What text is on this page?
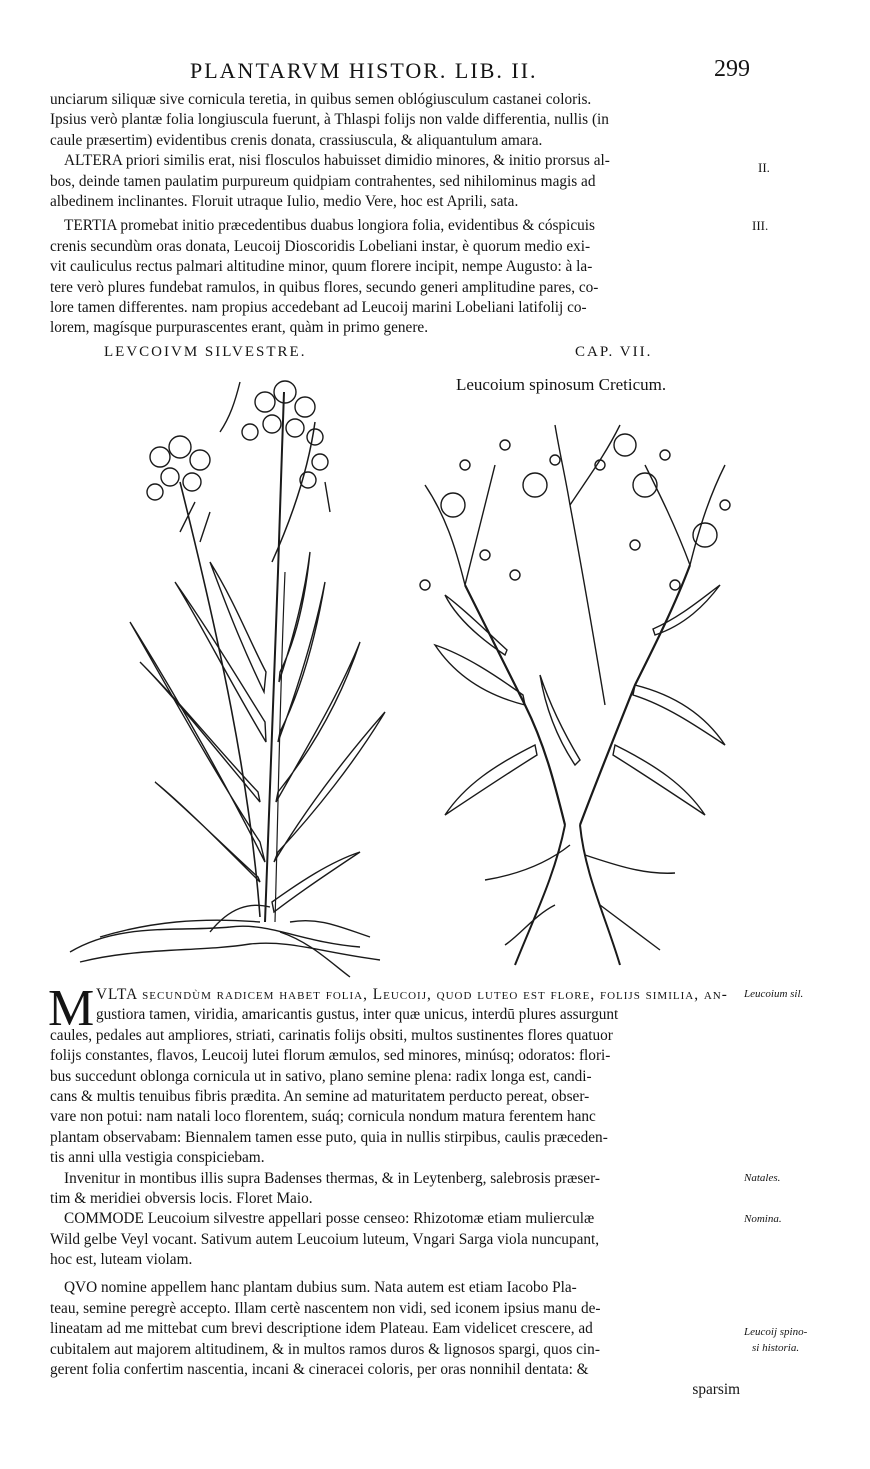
PLANTARVM HISTOR. LIB. II.	299
unciarum siliquæ sive cornicula teretia, in quibus semen oblógiusculum castanei coloris.
Ipsius verò plantæ folia longiuscula fuerunt, à Thlaspi folijs non valde differentia, nullis (in
caule præsertim) evidentibus crenis donata, crassiuscula, & aliquantulum amara.
ALTERA priori similis erat, nisi flosculos habuisset dimidio minores, & initio prorsus al-
bos, deinde tamen paulatim purpureum quidpiam contrahentes, sed nihilominus magis ad
albedinem inclinantes. Floruit utraque Iulio, medio Vere, hoc est Aprili, sata.
TERTIA promebat initio præcedentibus duabus longiora folia, evidentibus & cóspicuis
crenis secundùm oras donata, Leucoij Dioscoridis Lobeliani instar, è quorum medio exi-
vit cauliculus rectus palmari altitudine minor, quum florere incipit, nempe Augusto: à la-
tere verò plures fundebat ramulos, in quibus flores, secundo generi amplitudine pares, co-
lore tamen differentes. nam propius accedebant ad Leucoij marini Lobeliani latifolij co-
lorem, magísque purpurascentes erant, quàm in primo genere.
II.
III.
LEVCOIVM SILVESTRE.	CAP. VII.
Leucoium spinosum Creticum.
M VLTA secundùm radicem habet folia, Leucoij, quod luteo est flore, folijs similia, an-
gustiora tamen, viridia, amaricantis gustus, inter quæ unicus, interdū plures assurgunt
caules, pedales aut ampliores, striati, carinatis folijs obsiti, multos sustinentes flores quatuor
folijs constantes, flavos, Leucoij lutei florum æmulos, sed minores, minúsq; odoratos: flori-
bus succedunt oblonga cornicula ut in sativo, plano semine plena: radix longa est, candi-
cans & multis tenuibus fibris prædita. An semine ad maturitatem perducto pereat, obser-
vare non potui: nam natali loco florentem, suáq; cornicula nondum matura ferentem hanc
plantam observabam: Biennalem tamen esse puto, quia in nullis stirpibus, caulis præceden-
tis anni ulla vestigia conspiciebam.
Invenitur in montibus illis supra Badenses thermas, & in Leytenberg, salebrosis præser-
tim & meridiei obversis locis. Floret Maio.
COMMODE Leucoium silvestre appellari posse censeo: Rhizotomæ etiam mulierculæ
Wild gelbe Veyl vocant. Sativum autem Leucoium luteum, Vngari Sarga viola nuncupant,
hoc est, luteam violam.
QVO nomine appellem hanc plantam dubius sum. Nata autem est etiam Iacobo Pla-
teau, semine peregrè accepto. Illam certè nascentem non vidi, sed iconem ipsius manu de-
lineatam ad me mittebat cum brevi descriptione idem Plateau. Eam videlicet crescere, ad
cubitalem aut majorem altitudinem, & in multos ramos duros & lignosos spargi, quos cin-
gerent folia confertim nascentia, incani & cineracei coloris, per oras nonnihil dentata: &
sparsim
Leucoium sil.
Natales.
Nomina.
Leucoij spino-
si historia.
